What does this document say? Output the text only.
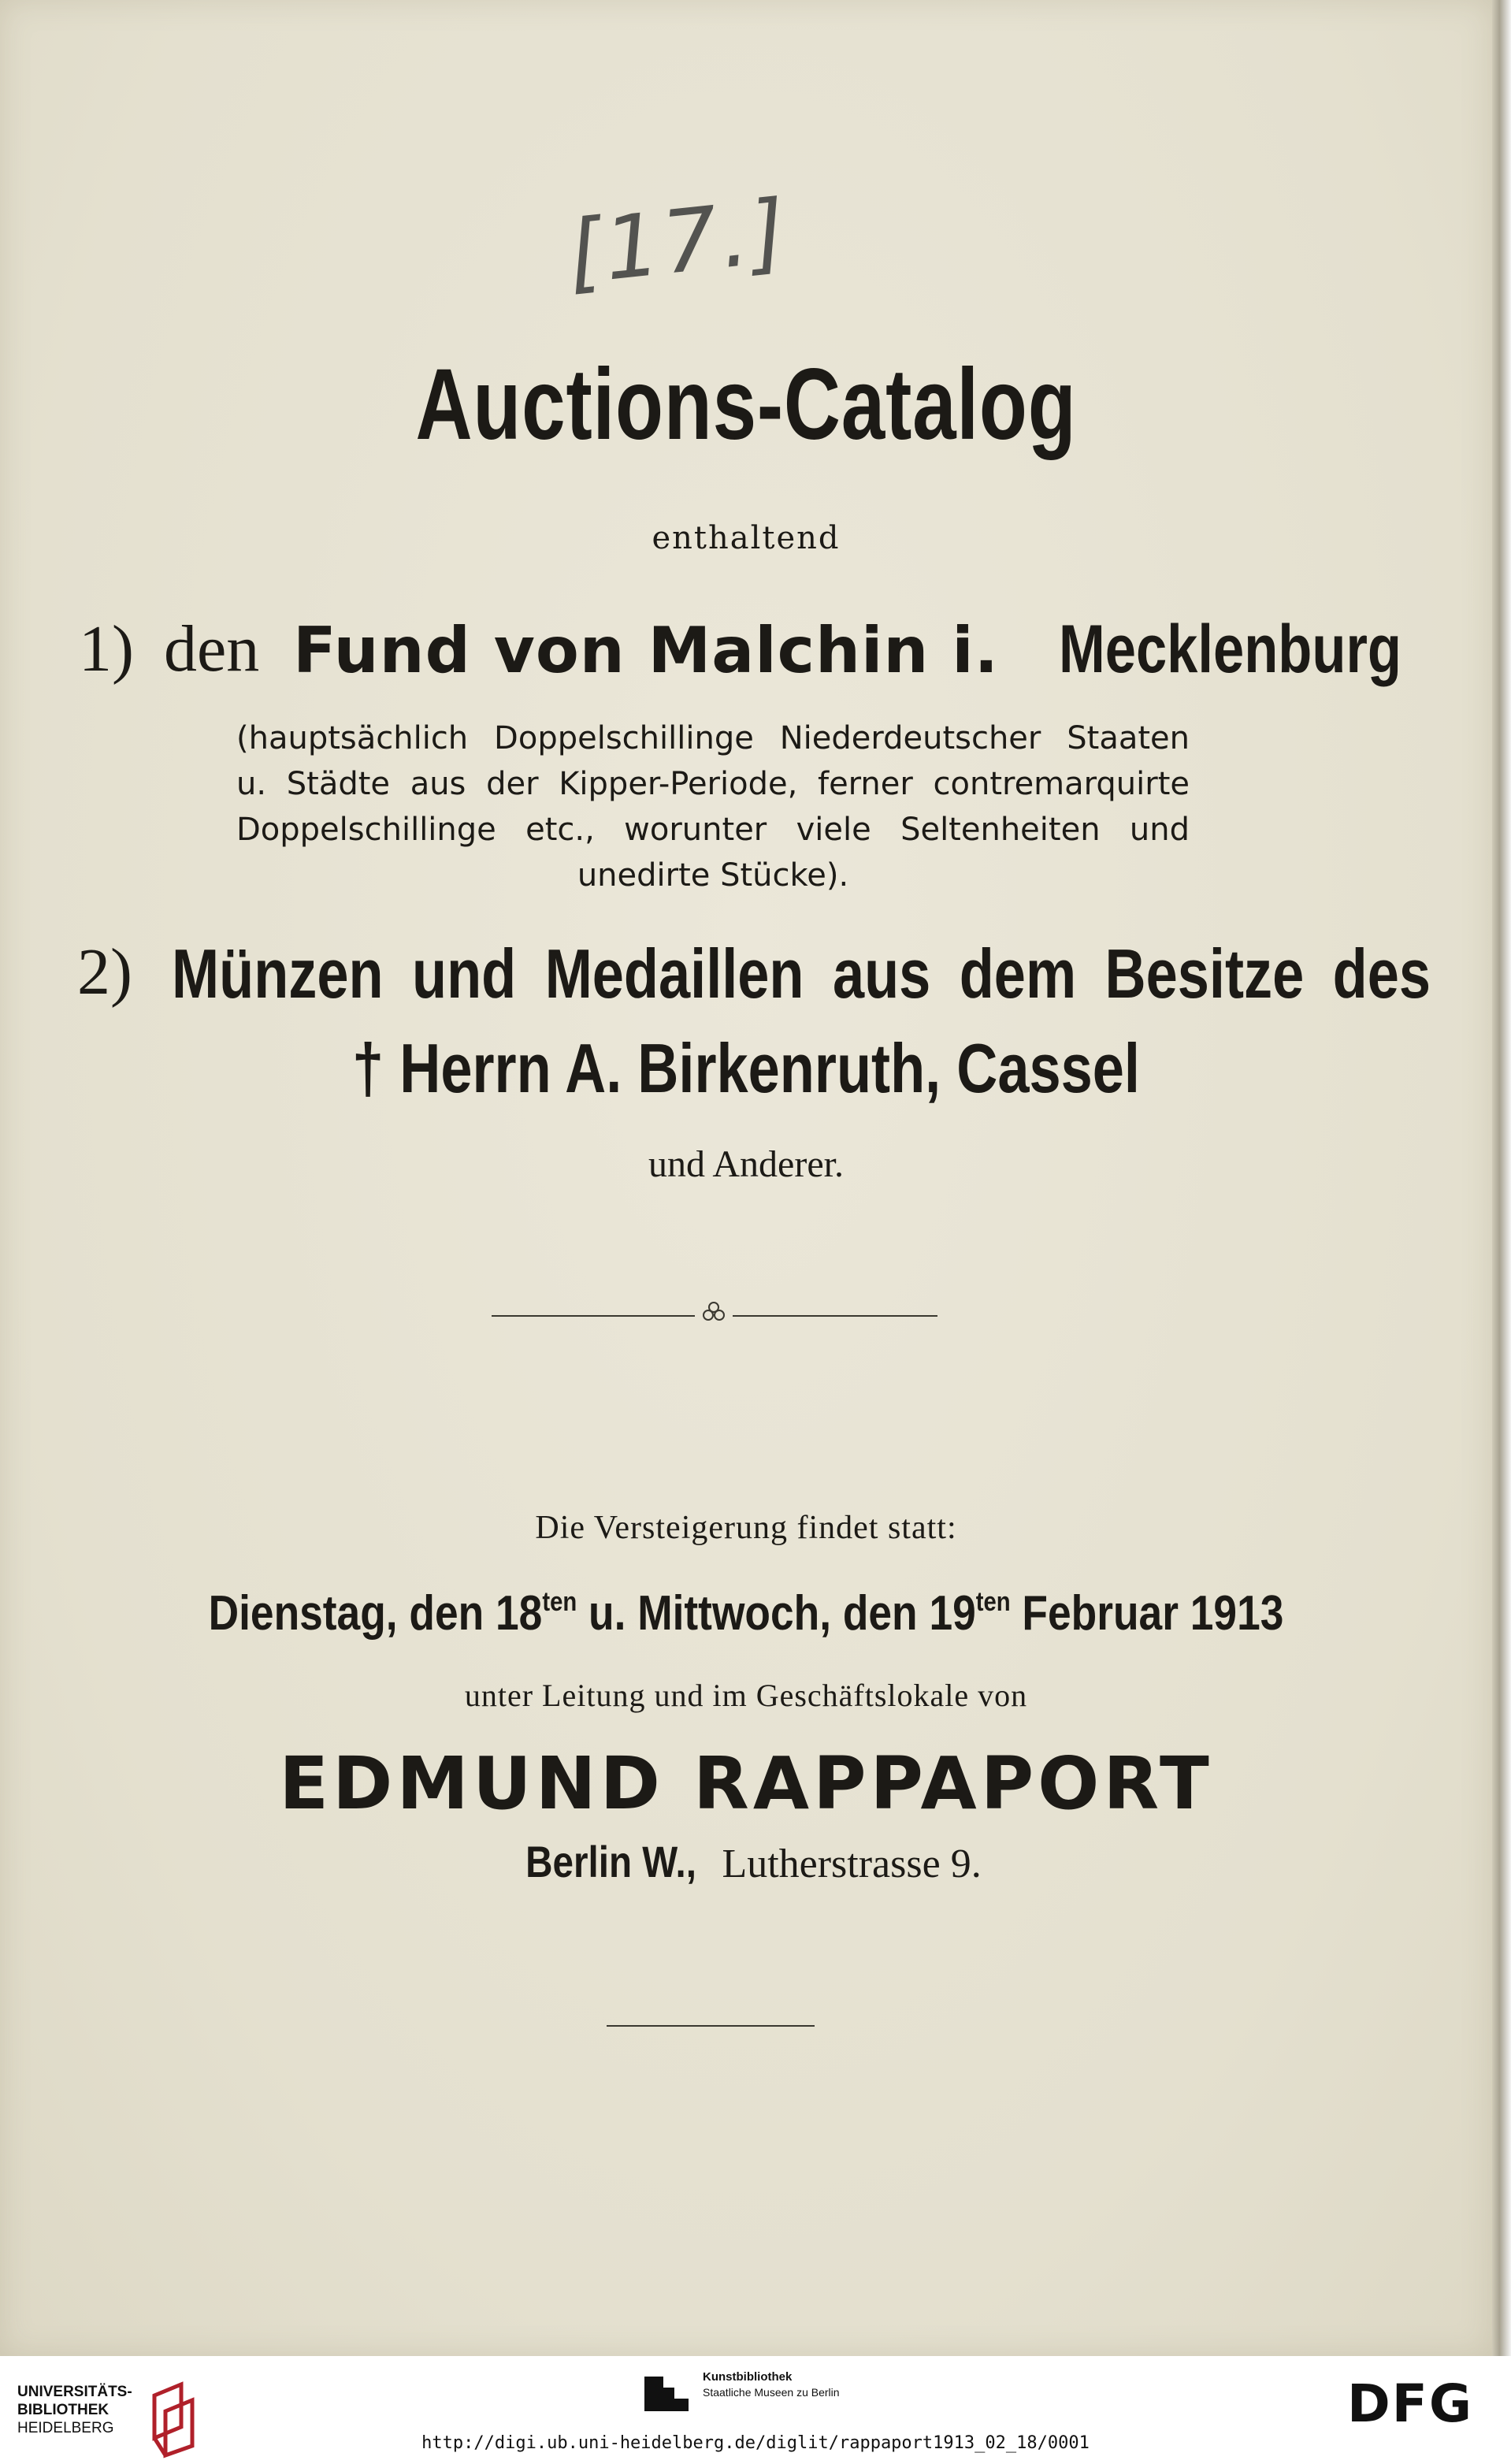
[17.]
Auctions-Catalog
enthaltend
1) den Fund von Malchin i. Mecklenburg
(hauptsächlich Doppelschillinge Niederdeutscher Staaten
u. Städte aus der Kipper-Periode, ferner contremarquirte
Doppelschillinge etc., worunter viele Seltenheiten und
unedirte Stücke).
2) Münzen und Medaillen aus dem Besitze des
† Herrn A. Birkenruth, Cassel
und Anderer.
Die Versteigerung findet statt:
Dienstag, den $18^{ten}$ u. Mittwoch, den $19^{ten}$ Februar 1913
unter Leitung und im Geschäftslokale von
EDMUND RAPPAPORT
Berlin W., Lutherstrasse 9.
UNIVERSITÄTS-
BIBLIOTHEK
HEIDELBERG
Kunstbibliothek
Staatliche Museen zu Berlin	DFG
http://digi.ub.uni-heidelberg.de/diglit/rappaport1913_02_18/0001
